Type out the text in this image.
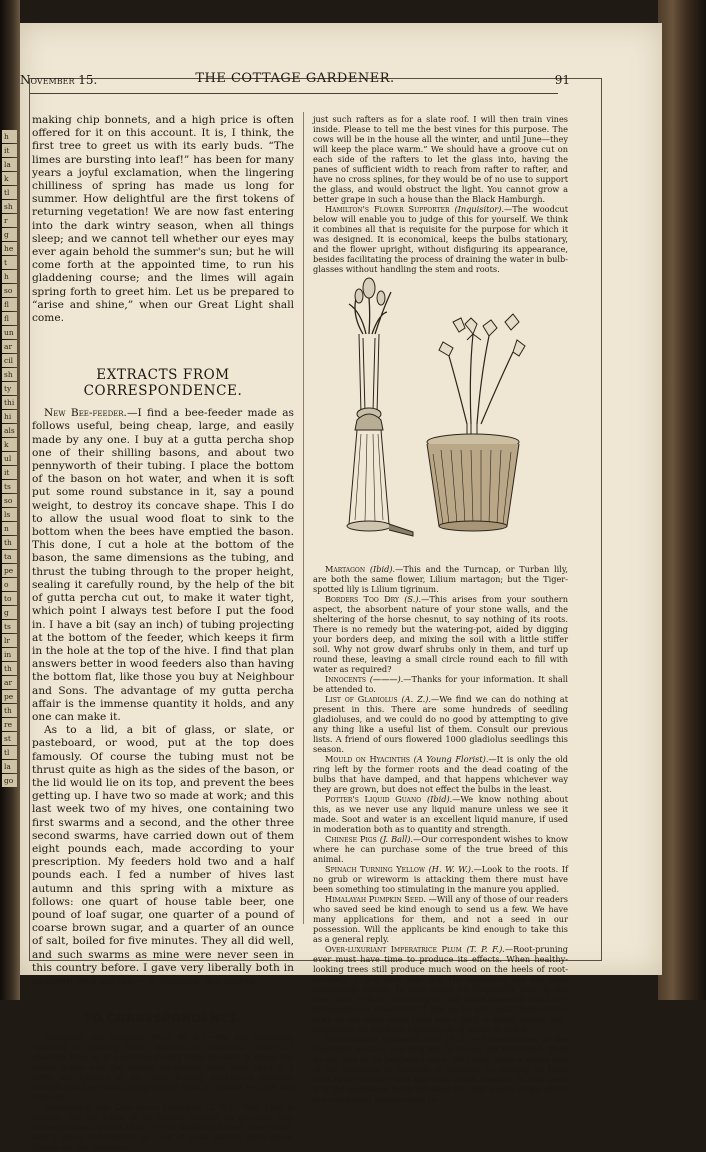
h
it
la
k
tl
sh
r
g
he
t
h
so
fl
fl
un
ar
cil
sh
ty
thi
hi
als
k
ul
it
ts
so
ls
n
th
ta
pe
o
to
g
ts
lr
in
th
ar
pe
th
re
st
tl
la
go
November 15.	THE COTTAGE GARDENER.	91

making chip bonnets, and a high price is often offered for it on this account. It is, I think, the first tree to greet us with its early buds. “The limes are bursting into leaf!” has been for many years a joyful exclamation, when the lingering chilliness of spring has made us long for summer. How delightful are the first tokens of returning vegetation! We are now fast entering into the dark wintry season, when all things sleep; and we cannot tell whether our eyes may ever again behold the summer's sun; but he will come forth at the appointed time, to run his gladdening course; and the limes will again spring forth to greet him. Let us be prepared to “arise and shine,” when our Great Light shall come.

EXTRACTS FROM CORRESPONDENCE.

New Bee-feeder.—I find a bee-feeder made as follows useful, being cheap, large, and easily made by any one. I buy at a gutta percha shop one of their shilling basons, and about two pennyworth of their tubing. I place the bottom of the bason on hot water, and when it is soft put some round substance in it, say a pound weight, to destroy its concave shape. This I do to allow the usual wood float to sink to the bottom when the bees have emptied the bason. This done, I cut a hole at the bottom of the bason, the same dimensions as the tubing, and thrust the tubing through to the proper height, sealing it carefully round, by the help of the bit of gutta percha cut out, to make it water tight, which point I always test before I put the food in. I have a bit (say an inch) of tubing projecting at the bottom of the feeder, which keeps it firm in the hole at the top of the hive. I find that plan answers better in wood feeders also than having the bottom flat, like those you buy at Neighbour and Sons. The advantage of my gutta percha affair is the immense quantity it holds, and any one can make it.

As to a lid, a bit of glass, or slate, or pasteboard, or wood, put at the top does famously. Of course the tubing must not be thrust quite as high as the sides of the bason, or the lid would lie on its top, and prevent the bees getting up. I have two so made at work; and this last week two of my hives, one containing two first swarms and a second, and the other three second swarms, have carried down out of them eight pounds each, made according to your prescription. My feeders hold two and a half pounds each. I fed a number of hives last autumn and this spring with a mixture as follows: one quart of house table beer, one pound of loaf sugar, one quarter of a pound of coarse brown sugar, and a quarter of an ounce of salt, boiled for five minutes. They all did well, and such swarms as mine were never seen in this country before. I gave very liberally both in autumn and spring.—A Brother Bee-keeper.

TO CORRESPONDENTS.

Manuring for Potatoes (Rev. W. B.).—We are decidedly opposed to putting fresh manure to potatoes, either at planting time or at any time during their growth. It keeps the stems green and the tubers unripened until later than if it were not applied at all. Your freshly broken-up pasture, though you have had a crop of oats from it, cannot require any manure.

Greenhouse and Cow-house Combined (T. W.).—Your plan is unique, but we know of no reason against its success. Our correspondent writes thus: “I am building a new cow-house, and I have determined to roof it with patent plate-glass, glazed on the rafters—

just such rafters as for a slate roof. I will then train vines inside. Please to tell me the best vines for this purpose. The cows will be in the house all the winter, and until June—they will keep the place warm.” We should have a groove cut on each side of the rafters to let the glass into, having the panes of sufficient width to reach from rafter to rafter, and have no cross splines, for they would be of no use to support the glass, and would obstruct the light. You cannot grow a better grape in such a house than the Black Hamburgh.

Hamilton's Flower Supporter (Inquisitor).—The woodcut below will enable you to judge of this for yourself. We think it combines all that is requisite for the purpose for which it was designed. It is economical, keeps the bulbs stationary, and the flower upright, without disfiguring its appearance, besides facilitating the process of draining the water in bulb-glasses without handling the stem and roots.

Martagon (Ibid).—This and the Turncap, or Turban lily, are both the same flower, Lilium martagon; but the Tiger-spotted lily is Lilium tigrinum.

Borders Too Dry (S.).—This arises from your southern aspect, the absorbent nature of your stone walls, and the sheltering of the horse chesnut, to say nothing of its roots. There is no remedy but the watering-pot, aided by digging your borders deep, and mixing the soil with a little stiffer soil. Why not grow dwarf shrubs only in them, and turf up round these, leaving a small circle round each to fill with water as required?

Innocents (———).—Thanks for your information. It shall be attended to.

List of Gladiolus (A. Z.).—We find we can do nothing at present in this. There are some hundreds of seedling gladioluses, and we could do no good by attempting to give any thing like a useful list of them. Consult our previous lists. A friend of ours flowered 1000 gladiolus seedlings this season.

Mould on Hyacinths (A Young Florist).—It is only the old ring left by the former roots and the dead coating of the bulbs that have damped, and that happens whichever way they are grown, but does not effect the bulbs in the least.

Potter's Liquid Guano (Ibid).—We know nothing about this, as we never use any liquid manure unless we see it made. Soot and water is an excellent liquid manure, if used in moderation both as to quantity and strength.

Chinese Pigs (J. Ball).—Our correspondent wishes to know where he can purchase some of the true breed of this animal.

Spinach Turning Yellow (H. W. W.).—Look to the roots. If no grub or wireworm is attacking them there must have been something too stimulating in the manure you applied.

Himalayah Pumpkin Seed. —Will any of those of our readers who saved seed be kind enough to send us a few. We have many applications for them, and not a seed in our possession. Will the applicants be kind enough to take this as a general reply.

Over-luxuriant Imperatrice Plum (T. P. F.).—Root-pruning ever must have time to produce its effects. When healthy-looking trees still produce much wood on the heels of root-pruning, it is a sure sign that the operation has not been sufficiently severe. In such cases we frequently take up the tree, and replant, expecting to find some powerful roots of a perpendicular character. If you do so with your imperatrice, pray do not allow more than half a yard in depth; below that, substitute an artificial substratum of stone or brick.

Strawberries Blooming now (Y. Z.).—Strawberries, of the Hautbois section, are very apt to bloom out of season. They do not like to be tampered with. We could force a whole bed of the Hautbois to blossom in October, by cutting off their tops in September, and applying liquid manure. In this case, it is the organised buds intended for next year's crops which are compelled prematurely to
